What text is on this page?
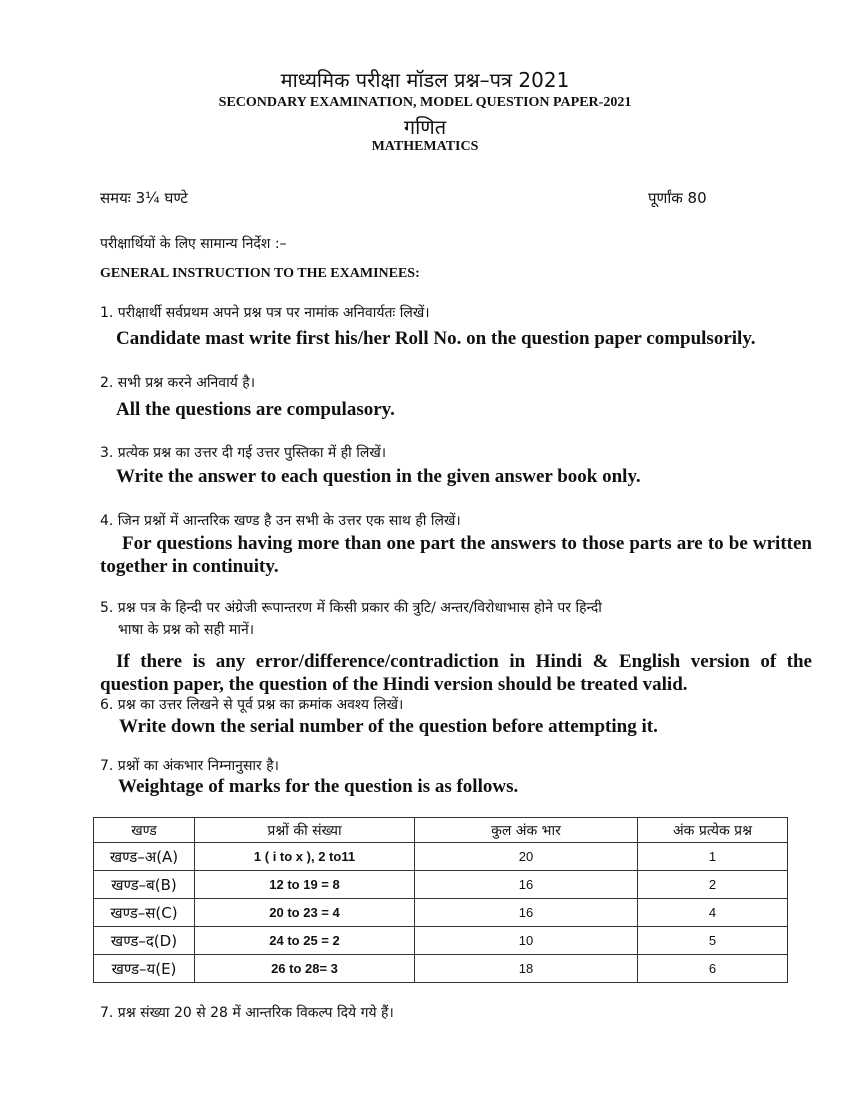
माध्यमिक परीक्षा मॉडल प्रश्न–पत्र 2021
SECONDARY EXAMINATION, MODEL QUESTION PAPER-2021
गणित
MATHEMATICS
समयः 3¼ घण्टे	पूर्णांक 80
परीक्षार्थियों के लिए सामान्य निर्देश :–
GENERAL INSTRUCTION TO THE EXAMINEES:
1. परीक्षार्थी सर्वप्रथम अपने प्रश्न पत्र पर नामांक अनिवार्यतः लिखें।
Candidate mast write first his/her Roll No. on the question paper compulsorily.
2. सभी प्रश्न करने अनिवार्य है।
All the questions are compulasory.
3. प्रत्येक प्रश्न का उत्तर दी गई उत्तर पुस्तिका में ही लिखें।
Write the answer to each question in the given answer book only.
4. जिन प्रश्नों में आन्तरिक खण्ड है उन सभी के उत्तर एक साथ ही लिखें।
For questions having more than one part the answers to those parts are to be written together in continuity.
5. प्रश्न पत्र के हिन्दी पर अंग्रेजी रूपान्तरण में किसी प्रकार की त्रुटि/ अन्तर/विरोधाभास होने पर हिन्दी
भाषा के प्रश्न को सही मानें।
If there is any error/difference/contradiction in Hindi & English version of the question paper, the question of the Hindi version should be treated valid.
6. प्रश्न का उत्तर लिखने से पूर्व प्रश्न का क्रमांक अवश्य लिखें।
Write down the serial number of the question before attempting it.
7. प्रश्नों का अंकभार निम्नानुसार है।
Weightage of marks for the question is as follows.
खण्ड	प्रश्नों की संख्या	कुल अंक भार	अंक प्रत्येक प्रश्न
खण्ड–अ(A)	1 ( i to x ), 2 to11	20	1
खण्ड–ब(B)	12 to 19 = 8	16	2
खण्ड–स(C)	20 to 23 = 4	16	4
खण्ड–द(D)	24 to 25 = 2	10	5
खण्ड–य(E)	26 to 28= 3	18	6
7. प्रश्न संख्या 20 से 28 में आन्तरिक विकल्प दिये गये हैं।
